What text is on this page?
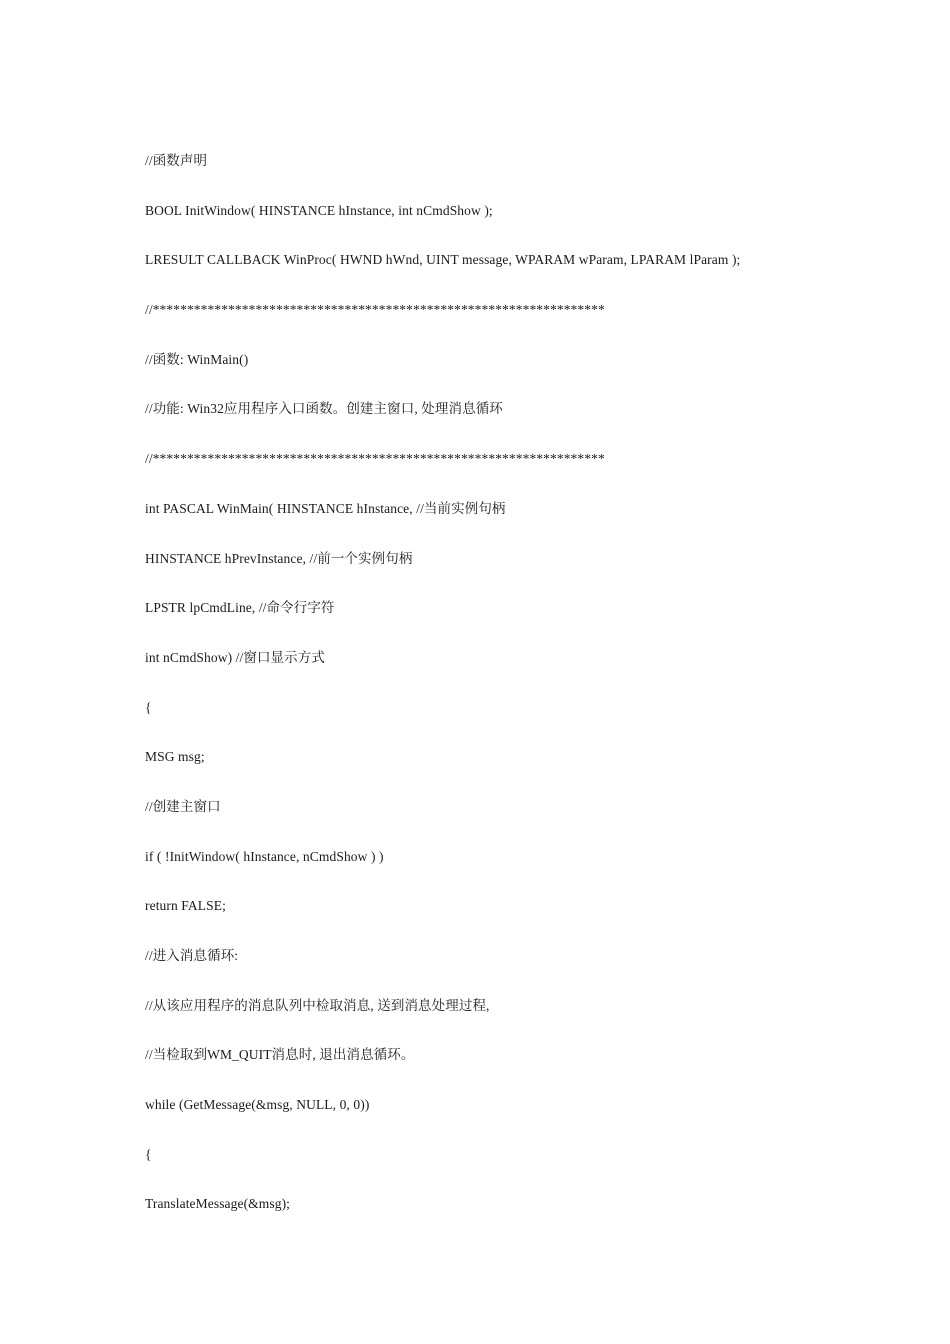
//函数声明
BOOL InitWindow( HINSTANCE hInstance, int nCmdShow );
LRESULT CALLBACK WinProc( HWND hWnd, UINT message, WPARAM wParam, LPARAM lParam );
//******************************************************************
//函数: WinMain()
//功能: Win32应用程序入口函数。创建主窗口, 处理消息循环
//******************************************************************
int PASCAL WinMain( HINSTANCE hInstance, //当前实例句柄
HINSTANCE hPrevInstance, //前一个实例句柄
LPSTR lpCmdLine, //命令行字符
int nCmdShow) //窗口显示方式
{
MSG msg;
//创建主窗口
if ( !InitWindow( hInstance, nCmdShow ) )
return FALSE;
//进入消息循环:
//从该应用程序的消息队列中检取消息, 送到消息处理过程,
//当检取到WM_QUIT消息时, 退出消息循环。
while (GetMessage(&msg, NULL, 0, 0))
{
TranslateMessage(&msg);
